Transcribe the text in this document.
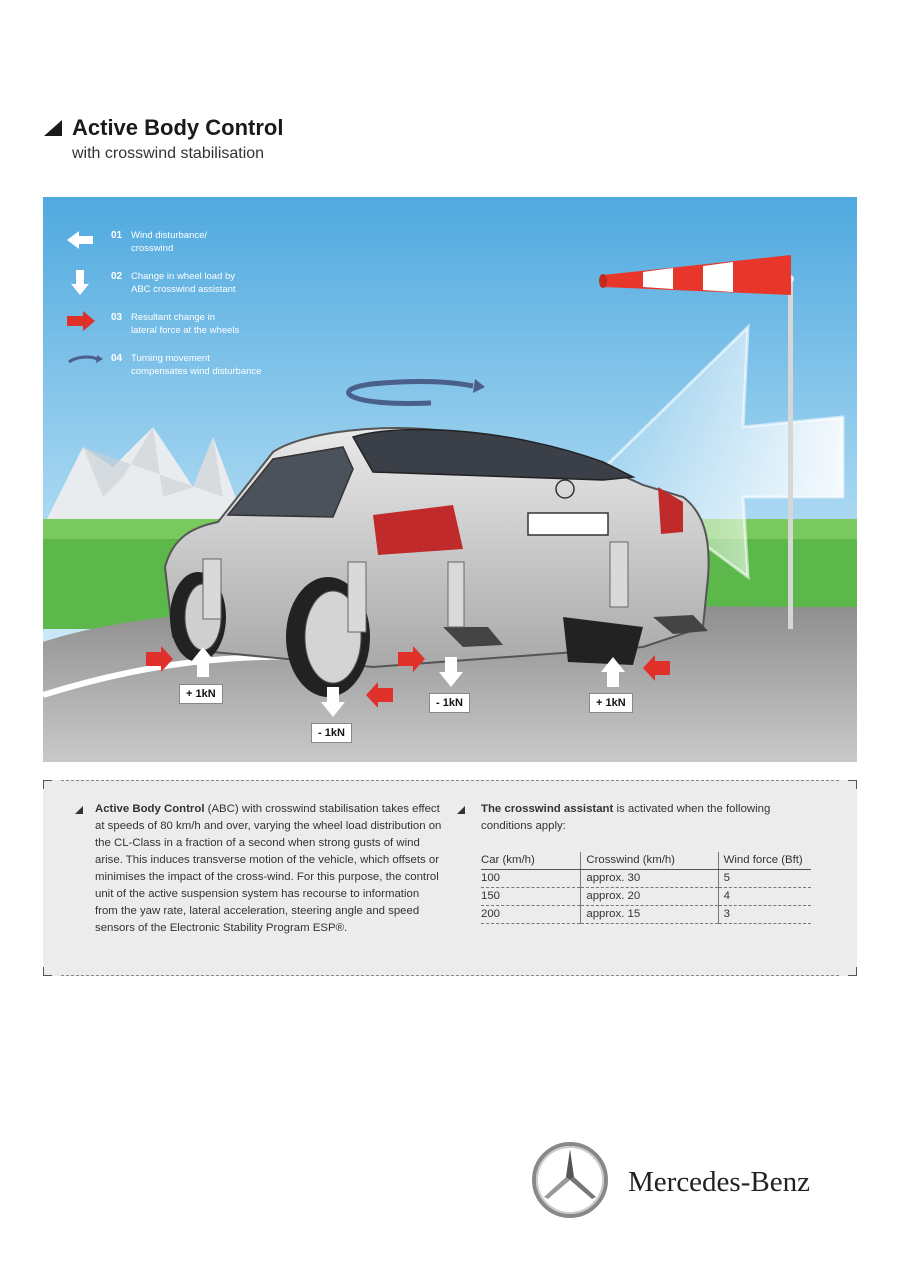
Active Body Control
with crosswind stabilisation
01 Wind disturbance/
crosswind
02 Change in wheel load by
ABC crosswind assistant
03 Resultant change in
lateral force at the wheels
04 Turning movement
compensates wind disturbance
+ 1kN
- 1kN
- 1kN	+ 1kN
Active Body Control (ABC) with crosswind stabilisation takes effect at speeds of 80 km/h and over, varying the wheel load distribution on the CL-Class in a fraction of a second when strong gusts of wind arise. This induces transverse motion of the vehicle, which offsets or minimises the impact of the cross-wind. For this purpose, the control unit of the active suspension system has recourse to information from the yaw rate, lateral acceleration, steering angle and speed sensors of the Electronic Stability Program ESP®.
The crosswind assistant is activated when the following conditions apply:
Car (km/h)	Crosswind (km/h)	Wind force (Bft)
100	approx. 30	5
150	approx. 20	4
200	approx. 15	3
Mercedes-Benz
